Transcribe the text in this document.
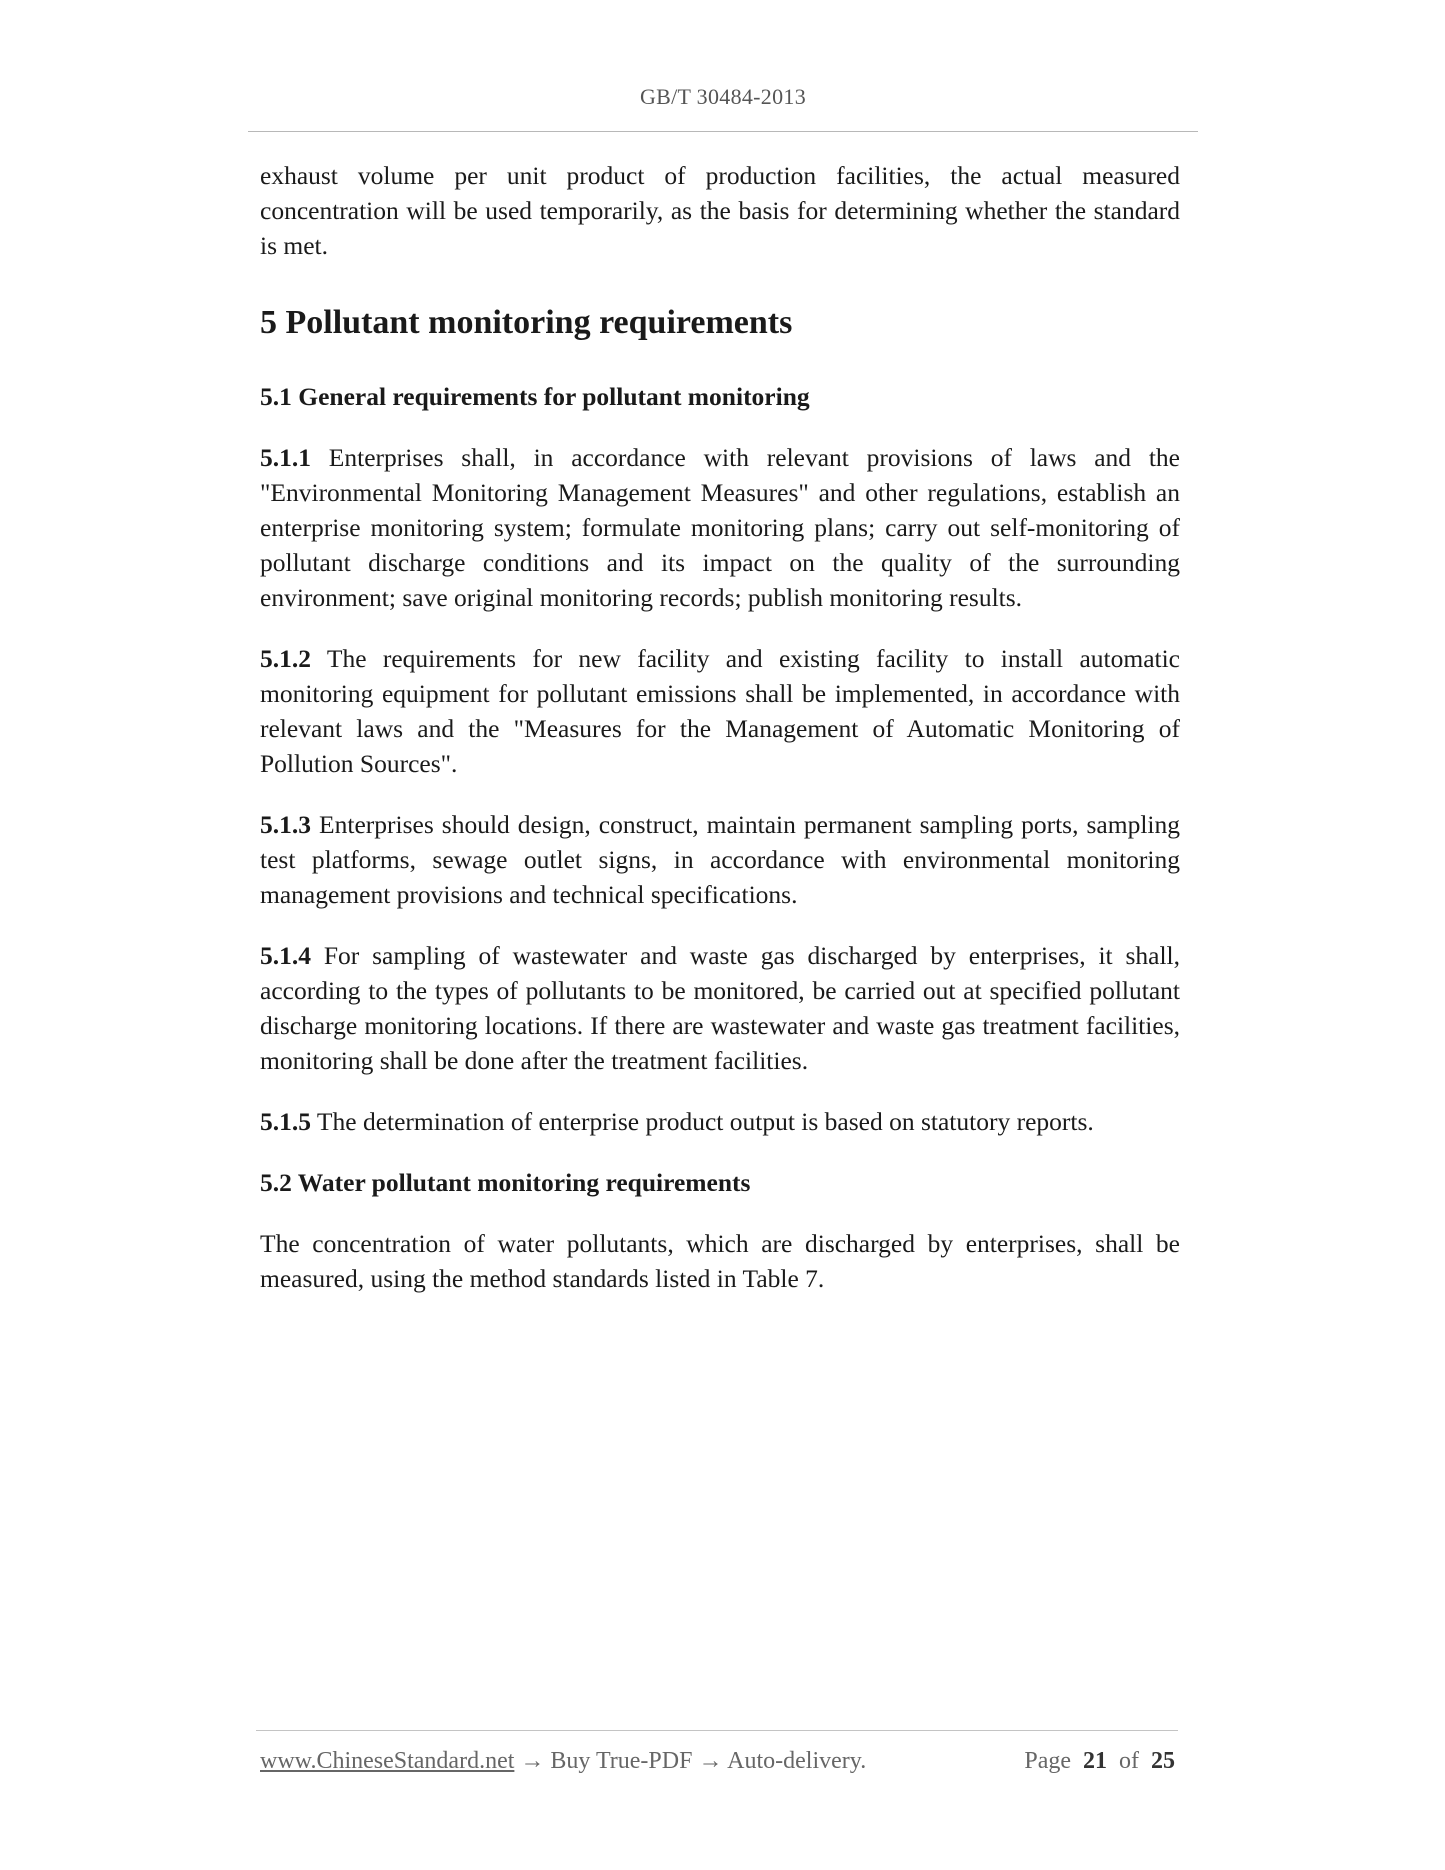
GB/T 30484-2013

exhaust volume per unit product of production facilities, the actual measured concentration will be used temporarily, as the basis for determining whether the standard is met.

5 Pollutant monitoring requirements
5.1 General requirements for pollutant monitoring

5.1.1 Enterprises shall, in accordance with relevant provisions of laws and the "Environmental Monitoring Management Measures" and other regulations, establish an enterprise monitoring system; formulate monitoring plans; carry out self-monitoring of pollutant discharge conditions and its impact on the quality of the surrounding environment; save original monitoring records; publish monitoring results.

5.1.2 The requirements for new facility and existing facility to install automatic monitoring equipment for pollutant emissions shall be implemented, in accordance with relevant laws and the "Measures for the Management of Automatic Monitoring of Pollution Sources".

5.1.3 Enterprises should design, construct, maintain permanent sampling ports, sampling test platforms, sewage outlet signs, in accordance with environmental monitoring management provisions and technical specifications.

5.1.4 For sampling of wastewater and waste gas discharged by enterprises, it shall, according to the types of pollutants to be monitored, be carried out at specified pollutant discharge monitoring locations. If there are wastewater and waste gas treatment facilities, monitoring shall be done after the treatment facilities.

5.1.5 The determination of enterprise product output is based on statutory reports.

5.2 Water pollutant monitoring requirements

The concentration of water pollutants, which are discharged by enterprises, shall be measured, using the method standards listed in Table 7.

www.ChineseStandard.net → Buy True-PDF → Auto-delivery.	Page 21 of 25
